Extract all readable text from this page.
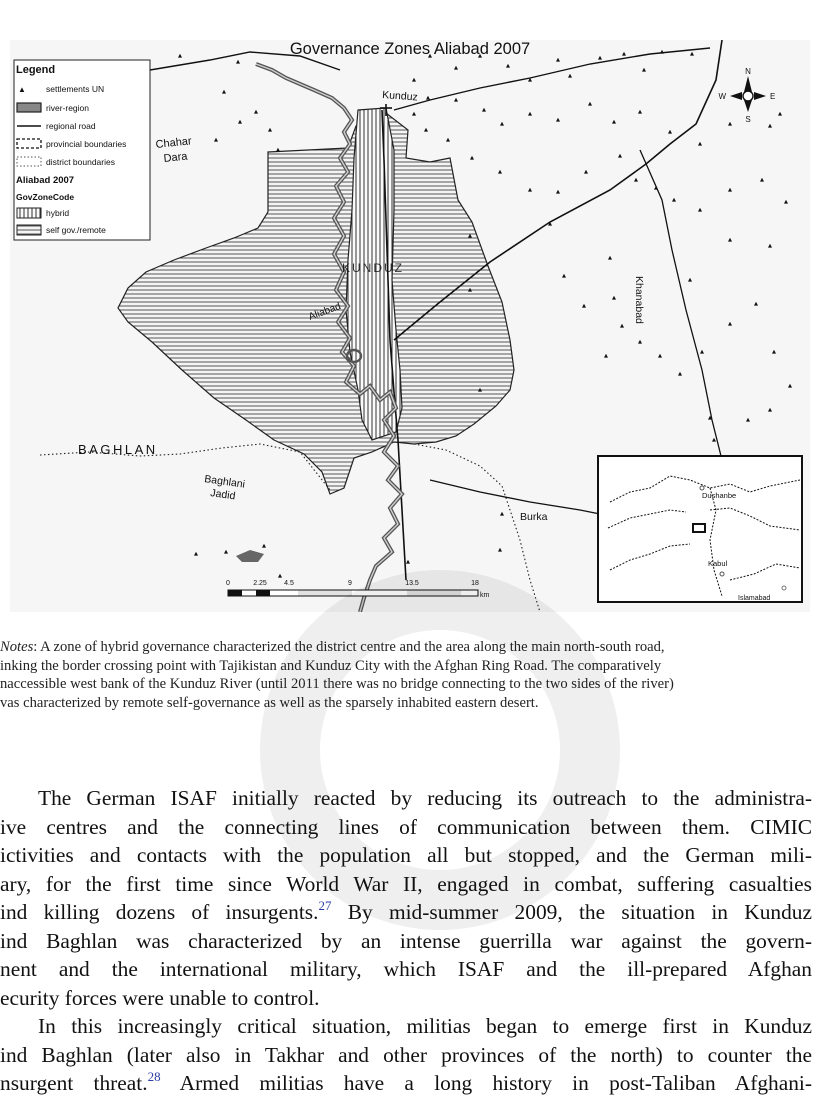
Kunduz
Chahar
Dara
KUNDUZ
Aliabad	Khanabad
BAGHLAN
Baghlani
Jadid
Burka
Governance Zones Aliabad 2007
Legend
▲ settlements UN
river-region
regional road
provincial boundaries
district boundaries
Aliabad 2007
GovZoneCode
hybrid
self gov./remote
N
S
W	E
0	2.25 4.5	9	13.5	18
km
Dushanbe
Kabul
Islamabad
Notes: A zone of hybrid governance characterized the district centre and the area along the main north-south road,
inking the border crossing point with Tajikistan and Kunduz City with the Afghan Ring Road. The comparatively
naccessible west bank of the Kunduz River (until 2011 there was no bridge connecting to the two sides of the river)
vas characterized by remote self-governance as well as the sparsely inhabited eastern desert.
The German ISAF initially reacted by reducing its outreach to the administra-
ive centres and the connecting lines of communication between them. CIMIC
ictivities and contacts with the population all but stopped, and the German mili-
ary, for the first time since World War II, engaged in combat, suffering casualties
ind killing dozens of insurgents.$^{27}$ By mid-summer 2009, the situation in Kunduz
ind Baghlan was characterized by an intense guerrilla war against the govern-
nent and the international military, which ISAF and the ill-prepared Afghan
ecurity forces were unable to control.
In this increasingly critical situation, militias began to emerge first in Kunduz
ind Baghlan (later also in Takhar and other provinces of the north) to counter the
nsurgent threat.$^{28}$ Armed militias have a long history in post-Taliban Afghani-
